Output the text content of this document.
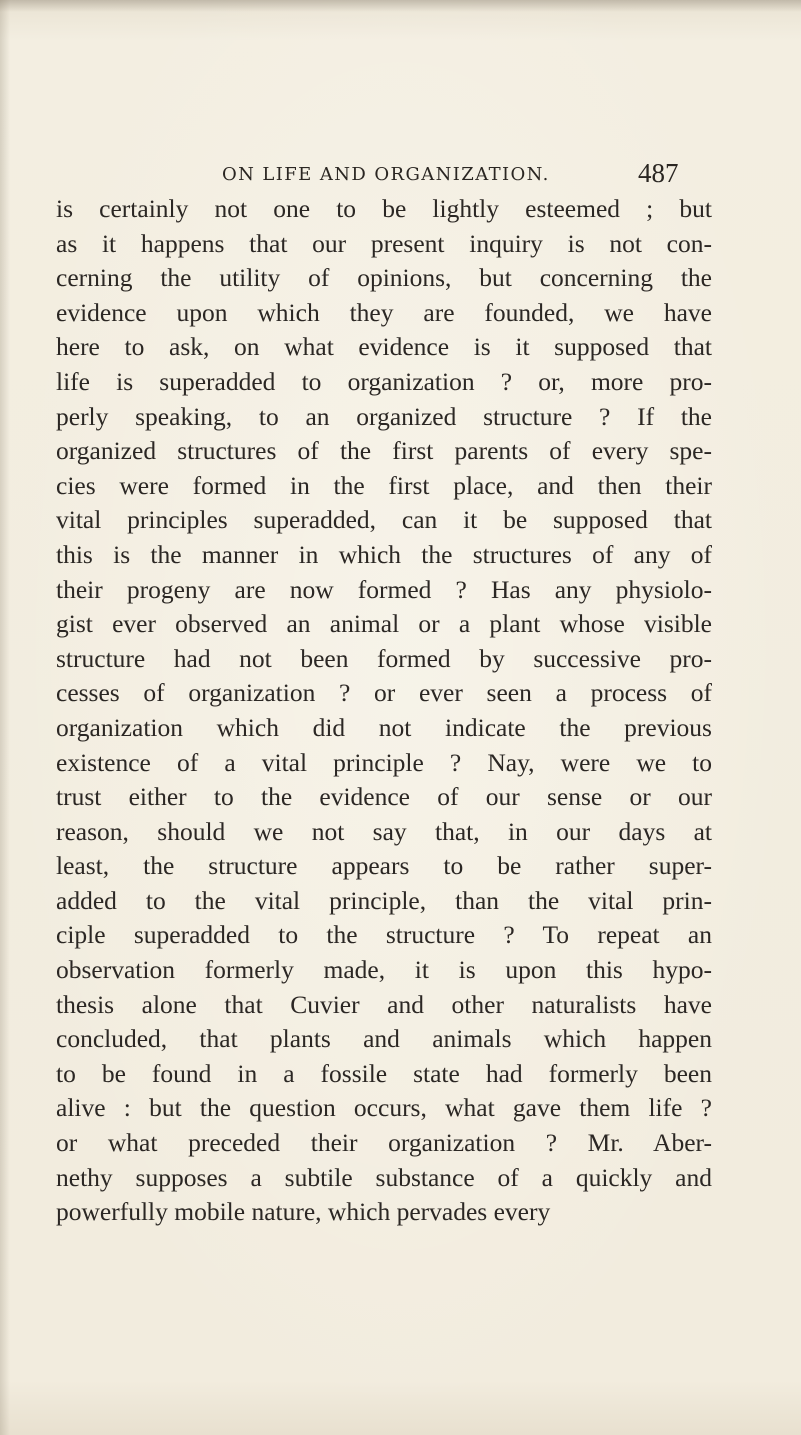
ON LIFE AND ORGANIZATION.	487
is certainly not one to be lightly esteemed ; but
as it happens that our present inquiry is not con-
cerning the utility of opinions, but concerning the
evidence upon which they are founded, we have
here to ask, on what evidence is it supposed that
life is superadded to organization ? or, more pro-
perly speaking, to an organized structure ? If the
organized structures of the first parents of every spe-
cies were formed in the first place, and then their
vital principles superadded, can it be supposed that
this is the manner in which the structures of any of
their progeny are now formed ? Has any physiolo-
gist ever observed an animal or a plant whose visible
structure had not been formed by successive pro-
cesses of organization ? or ever seen a process of
organization which did not indicate the previous
existence of a vital principle ? Nay, were we to
trust either to the evidence of our sense or our
reason, should we not say that, in our days at
least, the structure appears to be rather super-
added to the vital principle, than the vital prin-
ciple superadded to the structure ? To repeat an
observation formerly made, it is upon this hypo-
thesis alone that Cuvier and other naturalists have
concluded, that plants and animals which happen
to be found in a fossile state had formerly been
alive : but the question occurs, what gave them life ?
or what preceded their organization ? Mr. Aber-
nethy supposes a subtile substance of a quickly and
powerfully mobile nature, which pervades every
